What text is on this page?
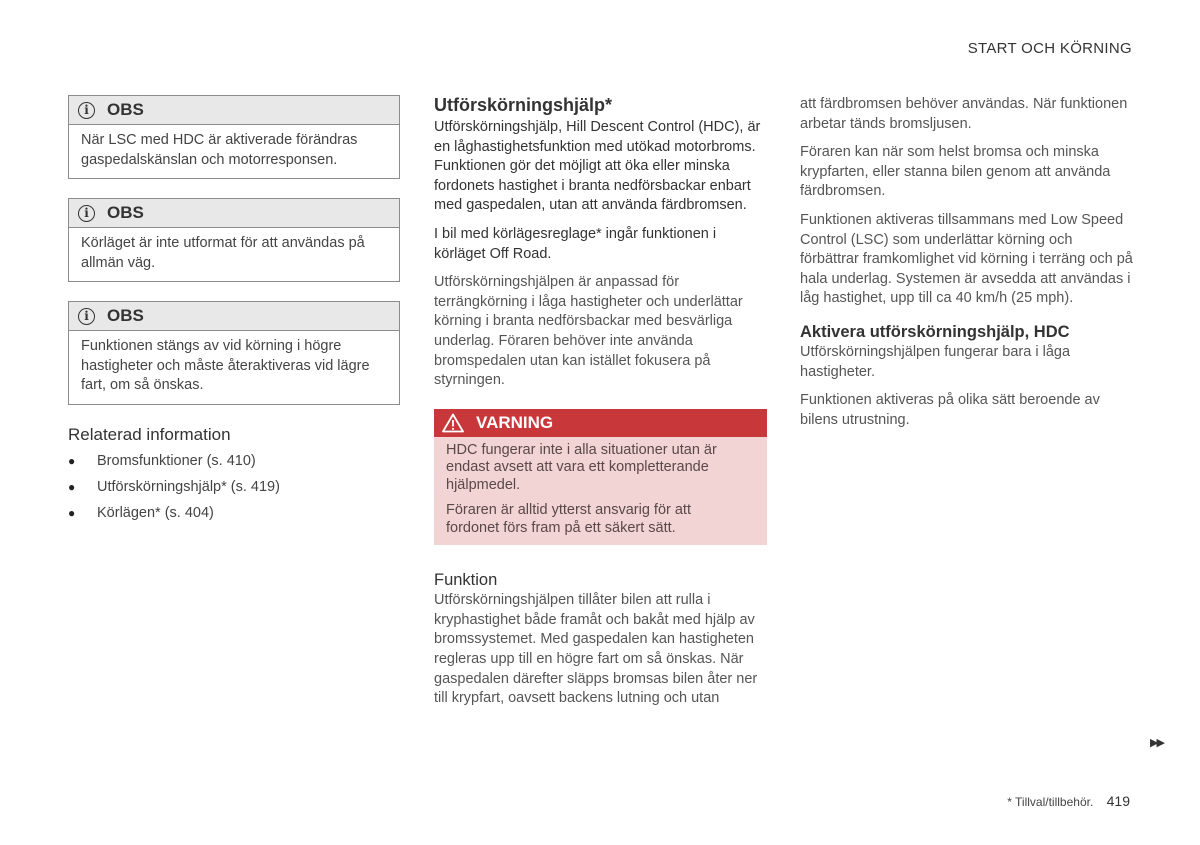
START OCH KÖRNING
i	OBS
När LSC med HDC är aktiverade förändras gaspedalskänslan och motorresponsen.
i	OBS
Körläget är inte utformat för att användas på allmän väg.
i	OBS
Funktionen stängs av vid körning i högre hastigheter och måste återaktiveras vid lägre fart, om så önskas.
Relaterad information
●	Bromsfunktioner (s. 410)
●	Utförskörningshjälp* (s. 419)
●	Körlägen* (s. 404)
Utförskörningshjälp*

Utförskörningshjälp, Hill Descent Control (HDC), är en låghastighetsfunktion med utökad motorbroms. Funktionen gör det möjligt att öka eller minska fordonets hastighet i branta nedförsbackar enbart med gaspedalen, utan att använda färdbromsen.

I bil med körlägesreglage* ingår funktionen i körläget Off Road.

Utförskörningshjälpen är anpassad för terrängkörning i låga hastigheter och underlättar körning i branta nedförsbackar med besvärliga underlag. Föraren behöver inte använda bromspedalen utan kan istället fokusera på styrningen.

VARNING

HDC fungerar inte i alla situationer utan är endast avsett att vara ett kompletterande hjälpmedel.

Föraren är alltid ytterst ansvarig för att fordonet förs fram på ett säkert sätt.

Funktion

Utförskörningshjälpen tillåter bilen att rulla i kryphastighet både framåt och bakåt med hjälp av bromssystemet. Med gaspedalen kan hastigheten regleras upp till en högre fart om så önskas. När gaspedalen därefter släpps bromsas bilen åter ner till krypfart, oavsett backens lutning och utan

att färdbromsen behöver användas. När funktionen arbetar tänds bromsljusen.

Föraren kan när som helst bromsa och minska krypfarten, eller stanna bilen genom att använda färdbromsen.

Funktionen aktiveras tillsammans med Low Speed Control (LSC) som underlättar körning och förbättrar framkomlighet vid körning i terräng och på hala underlag. Systemen är avsedda att användas i låg hastighet, upp till ca 40 km/h (25 mph).

Aktivera utförskörningshjälp, HDC

Utförskörningshjälpen fungerar bara i låga hastigheter.

Funktionen aktiveras på olika sätt beroende av bilens utrustning.

▶▶
* Tillval/tillbehör. 419
